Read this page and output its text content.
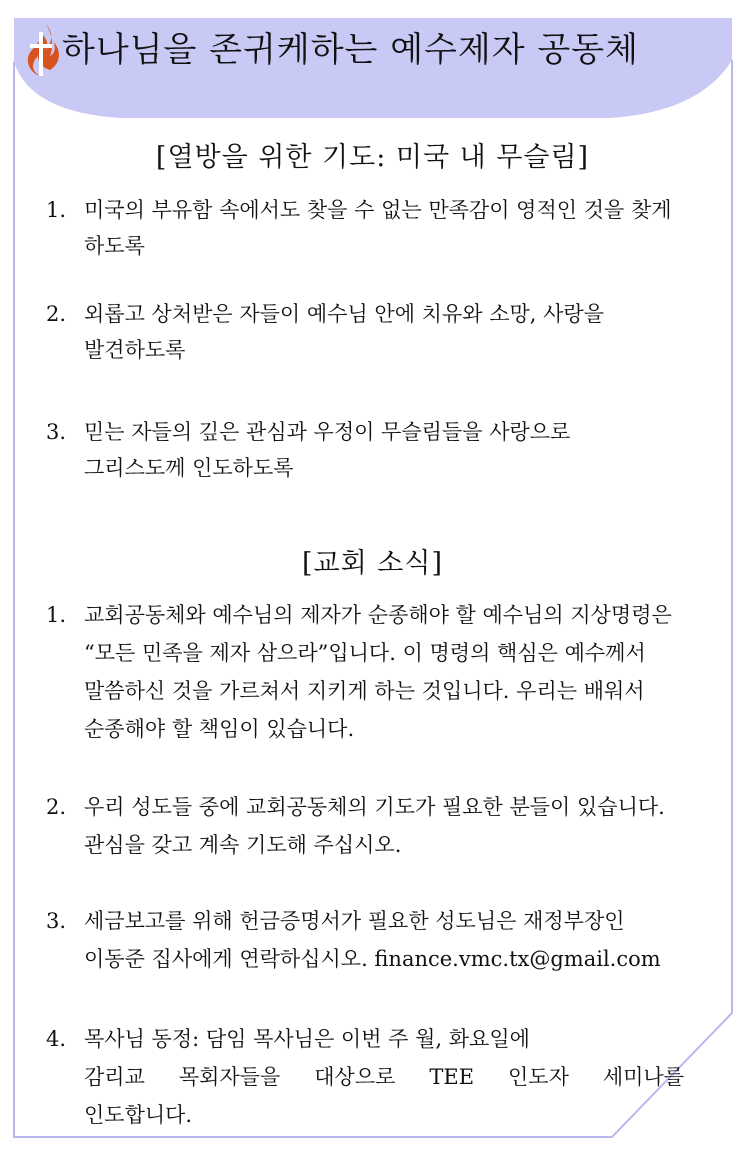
하나님을 존귀케하는 예수제자 공동체
[열방을 위한 기도: 미국 내 무슬림]
1. 미국의 부유함 속에서도 찾을 수 없는 만족감이 영적인 것을 찾게
하도록
2. 외롭고 상처받은 자들이 예수님 안에 치유와 소망, 사랑을
발견하도록
3. 믿는 자들의 깊은 관심과 우정이 무슬림들을 사랑으로
그리스도께 인도하도록
[교회 소식]
1. 교회공동체와 예수님의 제자가 순종해야 할 예수님의 지상명령은
“모든 민족을 제자 삼으라”입니다. 이 명령의 핵심은 예수께서
말씀하신 것을 가르쳐서 지키게 하는 것입니다. 우리는 배워서
순종해야 할 책임이 있습니다.
2. 우리 성도들 중에 교회공동체의 기도가 필요한 분들이 있습니다.
관심을 갖고 계속 기도해 주십시오.
3. 세금보고를 위해 헌금증명서가 필요한 성도님은 재정부장인
이동준 집사에게 연락하십시오. finance.vmc.tx@gmail.com
4. 목사님 동정: 담임 목사님은 이번 주 월, 화요일에
감리교 목회자들을 대상으로 TEE 인도자 세미나를
인도합니다.
